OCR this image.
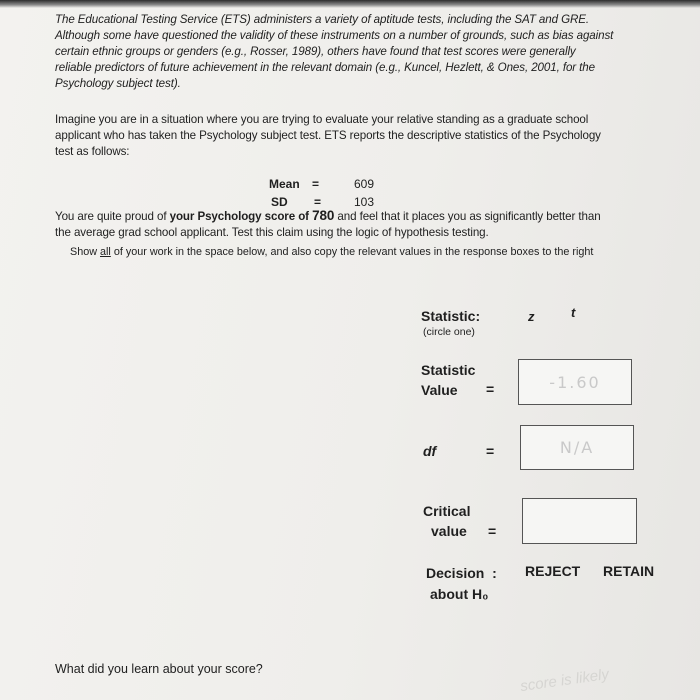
The Educational Testing Service (ETS) administers a variety of aptitude tests, including the SAT and GRE. Although some have questioned the validity of these instruments on a number of grounds, such as bias against certain ethnic groups or genders (e.g., Rosser, 1989), others have found that test scores were generally reliable predictors of future achievement in the relevant domain (e.g., Kuncel, Hezlett, & Ones, 2001, for the Psychology subject test).

Imagine you are in a situation where you are trying to evaluate your relative standing as a graduate school applicant who has taken the Psychology subject test. ETS reports the descriptive statistics of the Psychology test as follows:

Mean =	609
SD =	103

You are quite proud of your Psychology score of 780 and feel that it places you as significantly better than the average grad school applicant. Test this claim using the logic of hypothesis testing.

Show all of your work in the space below, and also copy the relevant values in the response boxes to the right
Statistic:
(circle one)
z	t
Statistic
Value =	-1.60
df	=	N/A
Critical
value =
Decision  :
about H₀
REJECT RETAIN
What did you learn about your score?	score is likely
